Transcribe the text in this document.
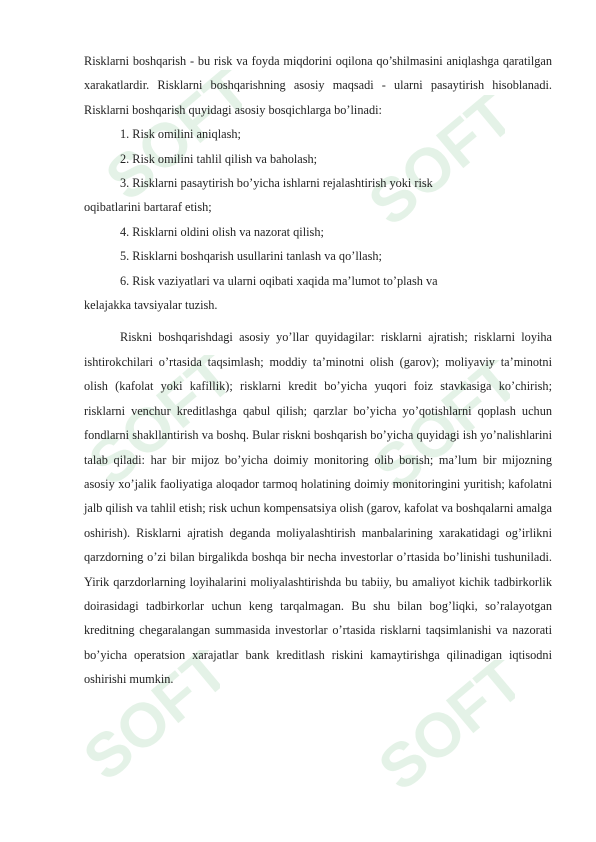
SOFT SOFT
SOFT SOFT
SOFT SOFT

Risklarni boshqarish - bu risk va foyda miqdorini oqilona qo’shilmasini aniqlashga qaratilgan xarakatlardir. Risklarni boshqarishning asosiy maqsadi - ularni pasaytirish hisoblanadi. Risklarni boshqarish quyidagi asosiy bosqichlarga bo’linadi:

1. Risk omilini aniqlash;

2. Risk omilini tahlil qilish va baholash;

3. Risklarni pasaytirish bo’yicha ishlarni rejalashtirish yoki risk

oqibatlarini bartaraf etish;

4. Risklarni oldini olish va nazorat qilish;

5. Risklarni boshqarish usullarini tanlash va qo’llash;

6. Risk vaziyatlari va ularni oqibati xaqida ma’lumot to’plash va

kelajakka tavsiyalar tuzish.

Riskni boshqarishdagi asosiy yo’llar quyidagilar: risklarni ajratish; risklarni loyiha ishtirokchilari o’rtasida taqsimlash; moddiy ta’minotni olish (garov); moliyaviy ta’minotni olish (kafolat yoki kafillik); risklarni kredit bo’yicha yuqori foiz stavkasiga ko’chirish; risklarni venchur kreditlashga qabul qilish; qarzlar bo’yicha yo’qotishlarni qoplash uchun fondlarni shakllantirish va boshq. Bular riskni boshqarish bo’yicha quyidagi ish yo’nalishlarini talab qiladi: har bir mijoz bo’yicha doimiy monitoring olib borish; ma’lum bir mijozning asosiy xo’jalik faoliyatiga aloqador tarmoq holatining doimiy monitoringini yuritish; kafolatni jalb qilish va tahlil etish; risk uchun kompensatsiya olish (garov, kafolat va boshqalarni amalga oshirish). Risklarni ajratish deganda moliyalashtirish manbalarining xarakatidagi og’irlikni qarzdorning o’zi bilan birgalikda boshqa bir necha investorlar o’rtasida bo’linishi tushuniladi. Yirik qarzdorlarning loyihalarini moliyalashtirishda bu tabiiy, bu amaliyot kichik tadbirkorlik doirasidagi tadbirkorlar uchun keng tarqalmagan. Bu shu bilan bog’liqki, so’ralayotgan kreditning chegaralangan summasida investorlar o’rtasida risklarni taqsimlanishi va nazorati bo’yicha operatsion xarajatlar bank kreditlash riskini kamaytirishga qilinadigan iqtisodni oshirishi mumkin.
